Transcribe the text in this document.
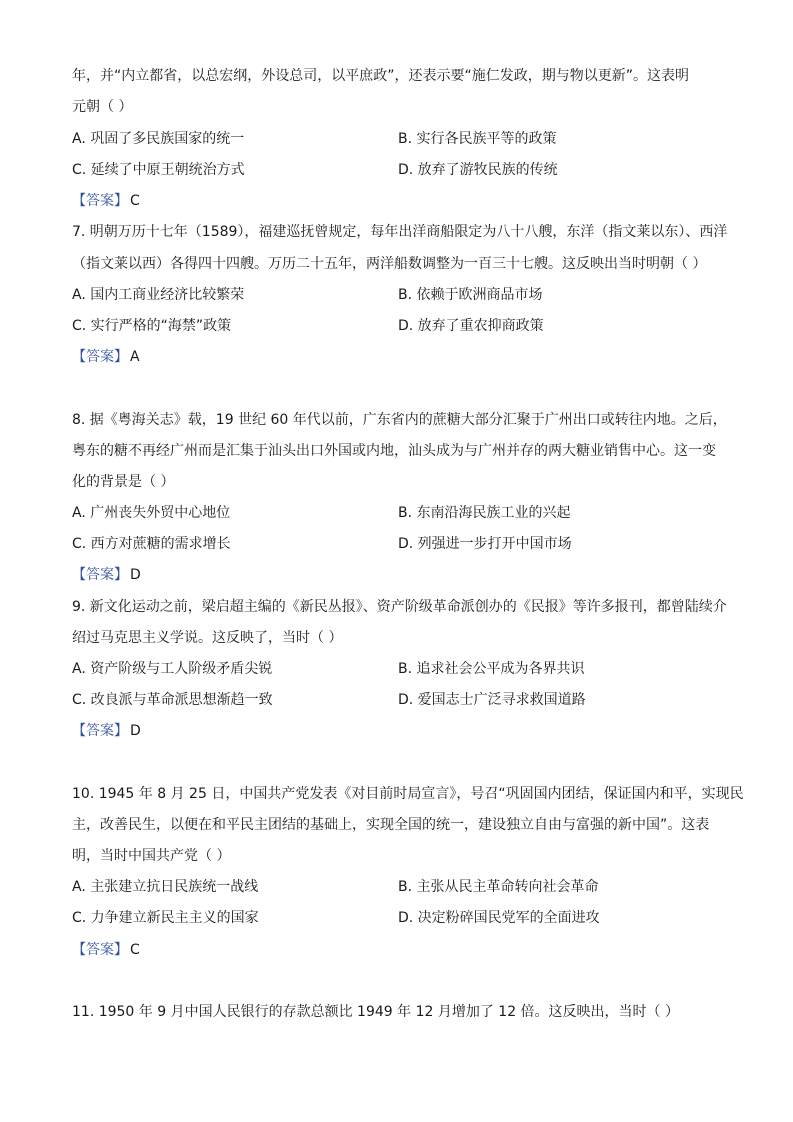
年，并“内立都省，以总宏纲，外设总司，以平庶政”，还表示要“施仁发政，期与物以更新”。这表明
元朝（ ）
A. 巩固了多民族国家的统一	B. 实行各民族平等的政策
C. 延续了中原王朝统治方式	D. 放弃了游牧民族的传统
【答案】 C
7. 明朝万历十七年（1589），福建巡抚曾规定，每年出洋商船限定为八十八艘，东洋（指文莱以东）、西洋
（指文莱以西）各得四十四艘。万历二十五年，两洋船数调整为一百三十七艘。这反映出当时明朝（ ）
A. 国内工商业经济比较繁荣	B. 依赖于欧洲商品市场
C. 实行严格的“海禁”政策	D. 放弃了重农抑商政策
【答案】 A
8. 据《粤海关志》载，19 世纪 60 年代以前，广东省内的蔗糖大部分汇聚于广州出口或转往内地。之后，
粤东的糖不再经广州而是汇集于汕头出口外国或内地，汕头成为与广州并存的两大糖业销售中心。这一变
化的背景是（ ）
A. 广州丧失外贸中心地位	B. 东南沿海民族工业的兴起
C. 西方对蔗糖的需求增长	D. 列强进一步打开中国市场
【答案】 D
9. 新文化运动之前，梁启超主编的《新民丛报》、资产阶级革命派创办的《民报》等许多报刊，都曾陆续介
绍过马克思主义学说。这反映了，当时（ ）
A. 资产阶级与工人阶级矛盾尖锐	B. 追求社会公平成为各界共识
C. 改良派与革命派思想渐趋一致	D. 爱国志士广泛寻求救国道路
【答案】 D
10. 1945 年 8 月 25 日，中国共产党发表《对目前时局宣言》，号召“巩固国内团结，保证国内和平，实现民
主，改善民生，以便在和平民主团结的基础上，实现全国的统一，建设独立自由与富强的新中国”。这表
明，当时中国共产党（ ）
A. 主张建立抗日民族统一战线	B. 主张从民主革命转向社会革命
C. 力争建立新民主主义的国家	D. 决定粉碎国民党军的全面进攻
【答案】 C
11. 1950 年 9 月中国人民银行的存款总额比 1949 年 12 月增加了 12 倍。这反映出，当时（ ）
